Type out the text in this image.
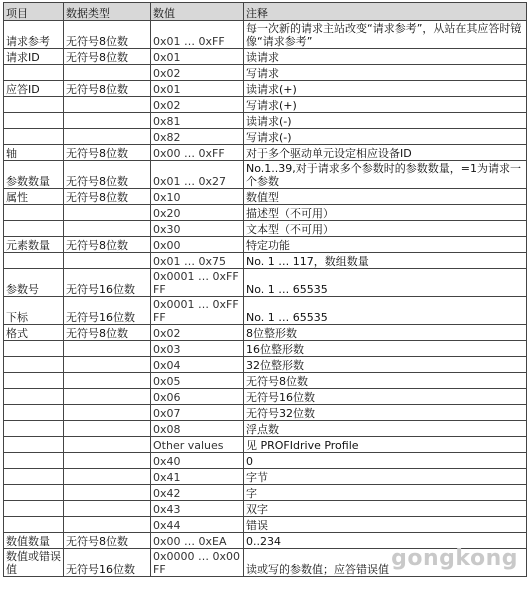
项目	数据类型	数值	注释
请求参考	无符号8位数	0x01 … 0xFF	每一次新的请求主站改变“请求参考”，从站在其应答时镜像“请求参考”
请求ID	无符号8位数	0x01	读请求
		0x02	写请求
应答ID	无符号8位数	0x01	读请求(+)
		0x02	写请求(+)
		0x81	读请求(-)
		0x82	写请求(-)
轴	无符号8位数	0x00 … 0xFF	对于多个驱动单元设定相应设备ID
参数数量	无符号8位数	0x01 … 0x27	No.1..39,对于请求多个参数时的参数数量，=1为请求一个参数
属性	无符号8位数	0x10	数值型
		0x20	描述型（不可用）
		0x30	文本型（不可用）
元素数量	无符号8位数	0x00	特定功能
		0x01 … 0x75	No. 1 … 117，数组数量
参数号	无符号16位数	0x0001 … 0xFFFF	No. 1 … 65535
下标	无符号16位数	0x0001 … 0xFFFF	No. 1 … 65535
格式	无符号8位数	0x02	8位整形数
		0x03	16位整形数
		0x04	32位整形数
		0x05	无符号8位数
		0x06	无符号16位数
		0x07	无符号32位数
		0x08	浮点数
		Other values	见 PROFIdrive Profile
		0x40	0
		0x41	字节
		0x42	字
		0x43	双字
		0x44	错误
数值数量	无符号8位数	0x00 … 0xEA	0..234
数值或错误值	无符号16位数	0x0000 … 0x00FF	读或写的参数值；应答错误值 gongkong
